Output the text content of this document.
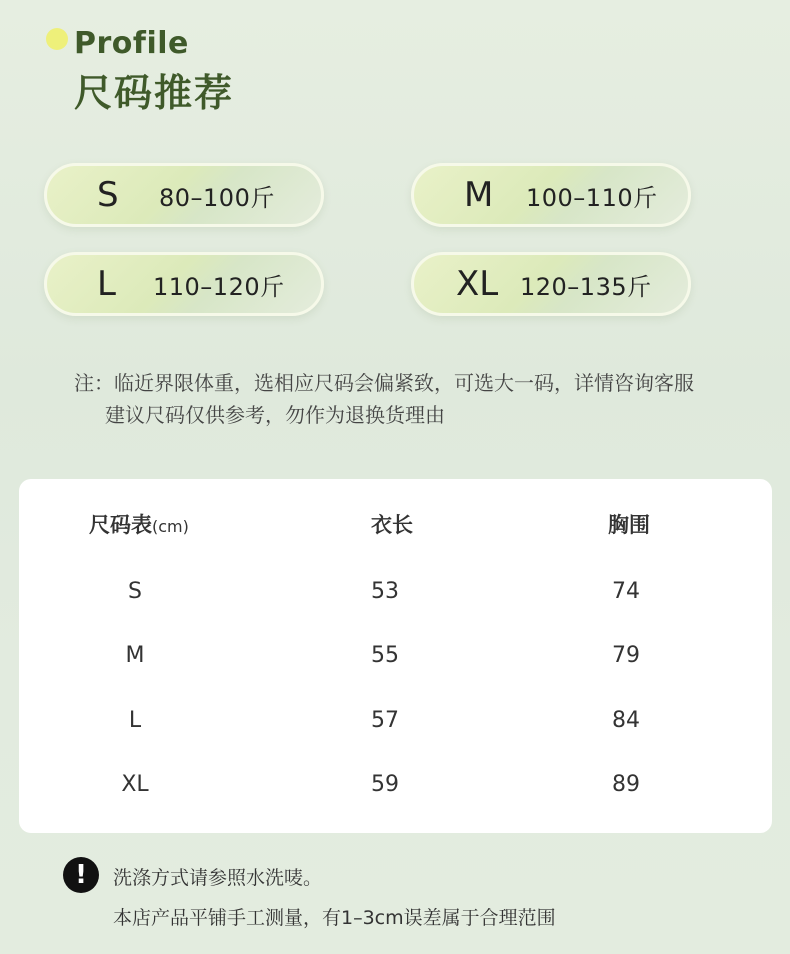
Profile
尺码推荐
S	80–100斤	M	100–110斤
L	110–120斤	XL 120–135斤
注：临近界限体重，选相应尺码会偏紧致，可选大一码，详情咨询客服
建议尺码仅供参考，勿作为退换货理由
尺码表(cm)	衣长	胸围
S	53	74
M	55	79
L	57	84
XL	59	89
!	洗涤方式请参照水洗唛。
本店产品平铺手工测量，有1–3cm误差属于合理范围
